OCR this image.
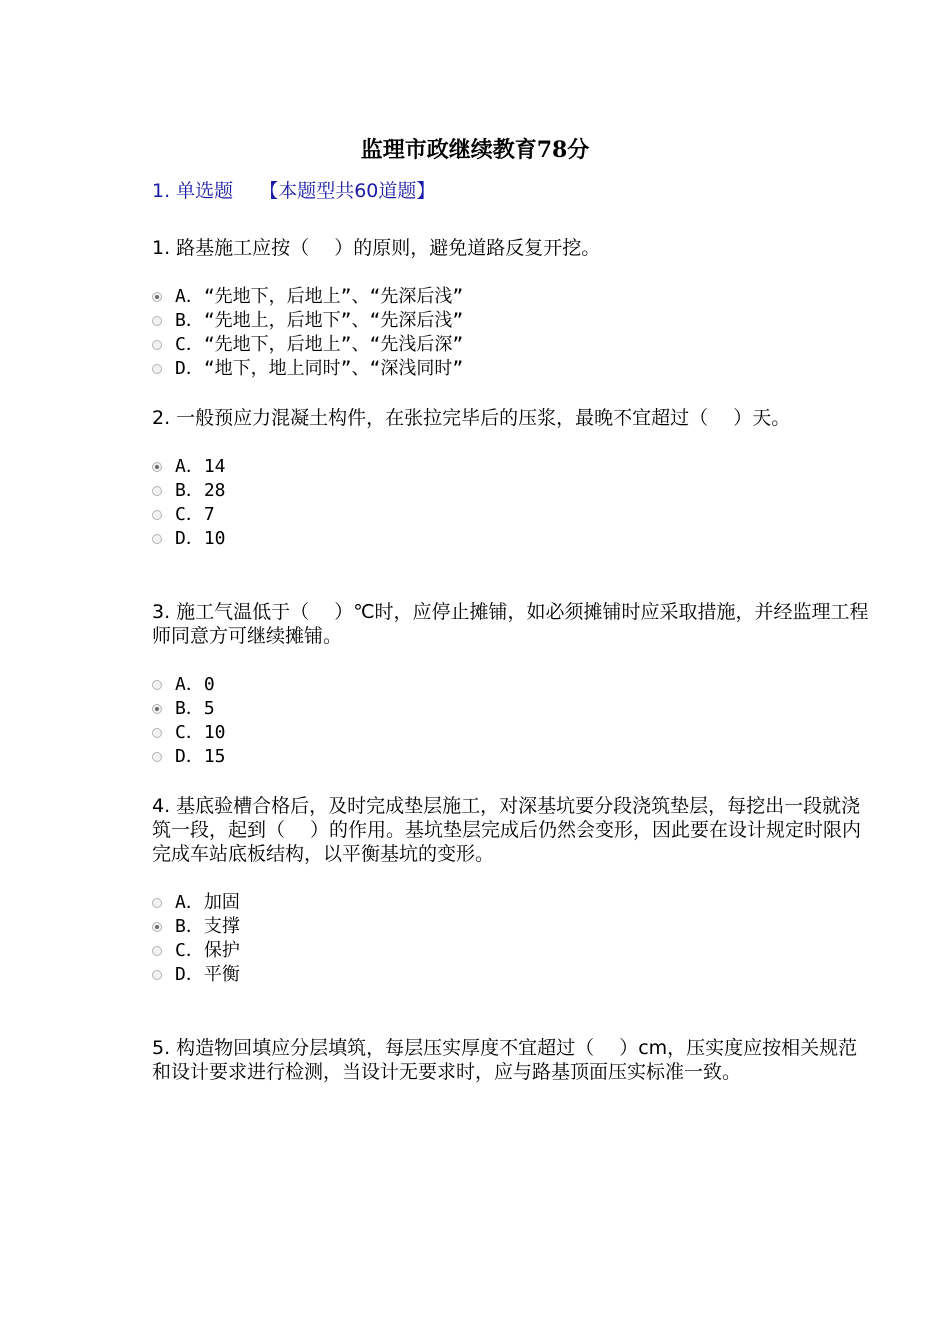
监理市政继续教育78分
1. 单选题 【本题型共60道题】

1. 路基施工应按（　 ）的原则，避免道路反复开挖。

A．“先地下，后地上”、“先深后浅”
B．“先地上，后地下”、“先深后浅”
C．“先地下，后地上”、“先浅后深”
D．“地下，地上同时”、“深浅同时”

2. 一般预应力混凝土构件，在张拉完毕后的压浆，最晚不宜超过（　 ）天。

A．14
B．28
C．7
D．10

3. 施工气温低于（　 ）℃时，应停止摊铺，如必须摊铺时应采取措施，并经监理工程师同意方可继续摊铺。

A．0
B．5
C．10
D．15

4. 基底验槽合格后，及时完成垫层施工，对深基坑要分段浇筑垫层，每挖出一段就浇筑一段，起到（　 ）的作用。基坑垫层完成后仍然会变形，因此要在设计规定时限内完成车站底板结构，以平衡基坑的变形。

A．加固
B．支撑
C．保护
D．平衡

5. 构造物回填应分层填筑，每层压实厚度不宜超过（　 ）cm，压实度应按相关规范和设计要求进行检测，当设计无要求时，应与路基顶面压实标准一致。
